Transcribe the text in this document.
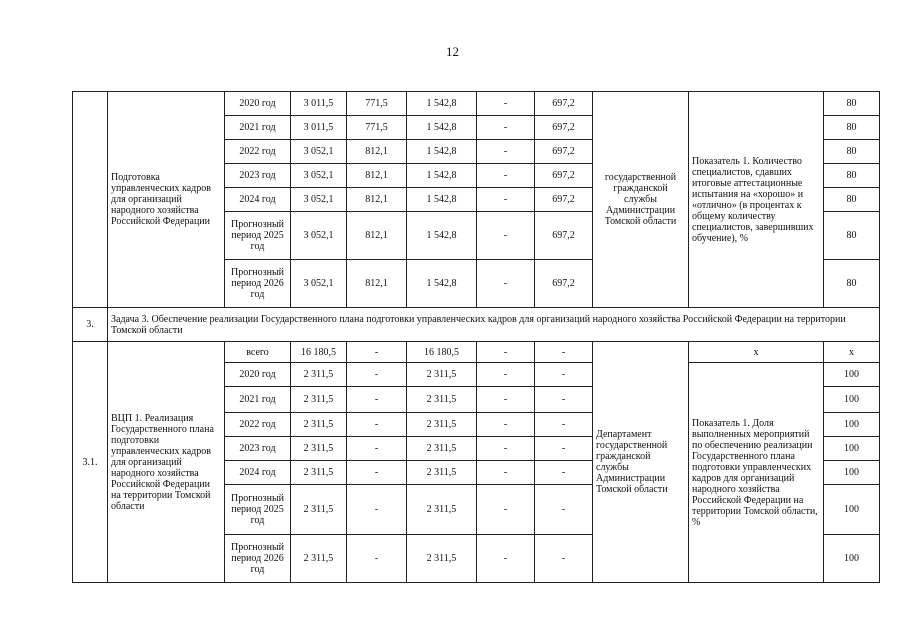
12
	Подготовка управленческих кадров для организаций народного хозяйства Российской Федерации	2020 год	3 011,5	771,5	1 542,8	-	697,2	государственной гражданской службы Администрации Томской области	Показатель 1. Количество специалистов, сдавших итоговые аттестационные испытания на «хорошо» и «отлично» (в процентах к общему количеству специалистов, завершивших обучение), %	80
		2021 год	3 011,5	771,5	1 542,8	-	697,2			80
		2022 год	3 052,1	812,1	1 542,8	-	697,2			80
		2023 год	3 052,1	812,1	1 542,8	-	697,2			80
		2024 год	3 052,1	812,1	1 542,8	-	697,2			80
		Прогнозный период 2025 год	3 052,1	812,1	1 542,8	-	697,2			80
		Прогнозный период 2026 год	3 052,1	812,1	1 542,8	-	697,2			80
3.	Задача 3. Обеспечение реализации Государственного плана подготовки управленческих кадров для организаций народного хозяйства Российской Федерации на территории Томской области									
3.1.	ВЦП 1. Реализация Государственного плана подготовки управленческих кадров для организаций народного хозяйства Российской Федерации на территории Томской области	всего	16 180,5	-	16 180,5	-	-	Департамент государственной гражданской службы Администрации Томской области	х	х
		2020 год	2 311,5	-	2 311,5	-	-		Показатель 1. Доля выполненных мероприятий по обеспечению реализации Государственного плана подготовки управленческих кадров для организаций народного хозяйства Российской Федерации на территории Томской области, %	100
		2021 год	2 311,5	-	2 311,5	-	-			100
		2022 год	2 311,5	-	2 311,5	-	-			100
		2023 год	2 311,5	-	2 311,5	-	-			100
		2024 год	2 311,5	-	2 311,5	-	-			100
		Прогнозный период 2025 год	2 311,5	-	2 311,5	-	-			100
		Прогнозный период 2026 год	2 311,5	-	2 311,5	-	-			100
